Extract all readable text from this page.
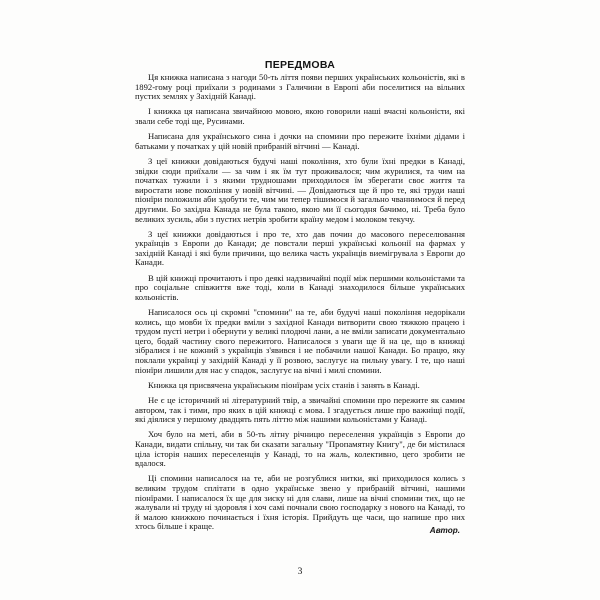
ПЕРЕДМОВА

Ця книжка написана з нагоди 50-ть ліття появи перших українських кольоністів, які в 1892-гому році приїхали з родинами з Галичини в Европі аби поселитися на вільних пустих землях у Західній Канаді.

І книжка ця написана звичайною мовою, якою говорили наші вчасні кольоністи, які звали себе тоді ще, Русинами.

Написана для українського сина і дочки на спомини про пережите їхніми дідами і батьками у початках у цій новій прибраній вітчині — Канаді.

З цеї книжки довідаються будучі наші покоління, хто були їхні предки в Канаді, звідки сюди приїхали — за чим і як їм тут проживалося; чим журилися, та чим на початках тужили і з якими трудношами приходилося їм зберегати своє життя та виростати нове покоління у новій вітчині. — Довідаються ще й про те, які труди наші піонїри положили аби здобути те, чим ми тепер тішимося й загально чваннимося й перед другими. Бо західна Канада не була такою, якою ми її сьогодня бачимо, ні. Треба було великих зусиль, аби з пустих нетрів зробити країну медом і молоком текучу.

З цеї книжки довідаються і про те, хто дав почин до масового переселювання українців з Европи до Канади; де повстали перші українські кольонії на фармах у західній Канаді і які були причини, що велика часть українців виемігрувала з Европи до Канади.

В цій книжці прочитають і про деякі надзвичайні події між першими кольоністами та про соціальне співжиття вже тоді, коли в Канаді знаходилося більше українських кольоністів.

Написалося ось ці скромні "спомини" на те, аби будучі наші покоління недорікали колись, що мовби їх предки вміли з західної Канади витворити свою тяжкою працею і трудом пусті нетри і обернути у великі плодючі лани, а не вміли записати документально цего, бодай частину свого пережитого. Написалося з уваги ще й на це, що в книжці зібралися і не кожний з українців з'явився і не побачили нашої Канади. Бо працю, яку поклали українці у західній Канаді у її розвою, заслугує на пильну увагу. І те, що наші піонїри лишили для нас у спадок, заслугує на вічні і милі спомини.

Книжка ця присвячена українським піонїрам усіх станів і занять в Канаді.

Не є це історичний ні літературний твір, а звичайні спомини про пережите як самим автором, так і тими, про яких в цій книжці є мова. І згадується лише про важніщі події, які діялися у першому двадцять пять літтю між нашими кольоністами у Канаді.

Хоч було на меті, аби в 50-ть літну річницю переселення українців з Европи до Канади, видати спільну, чи так би сказати загальну "Пропамятну Книгу", де би містилася ціла історія наших переселенців у Канаді, то на жаль, колективно, цего зробити не вдалося.

Ці спомини написалося на те, аби не розгублися нитки, які приходилося колись з великим трудом сплітати в одно українське звено у прибраній вітчині, нашими піонїрами. І написалося їх ще для зиску ні для слави, лише на вічні спомини тих, що не жалували ні труду ні здоровля і хоч самі почнали свою господарку з нового на Канаді, то й малою книжкою починається і їхня історія. Прийдуть ще часи, що напише про них хтось більше і краще.	Автор.
3
